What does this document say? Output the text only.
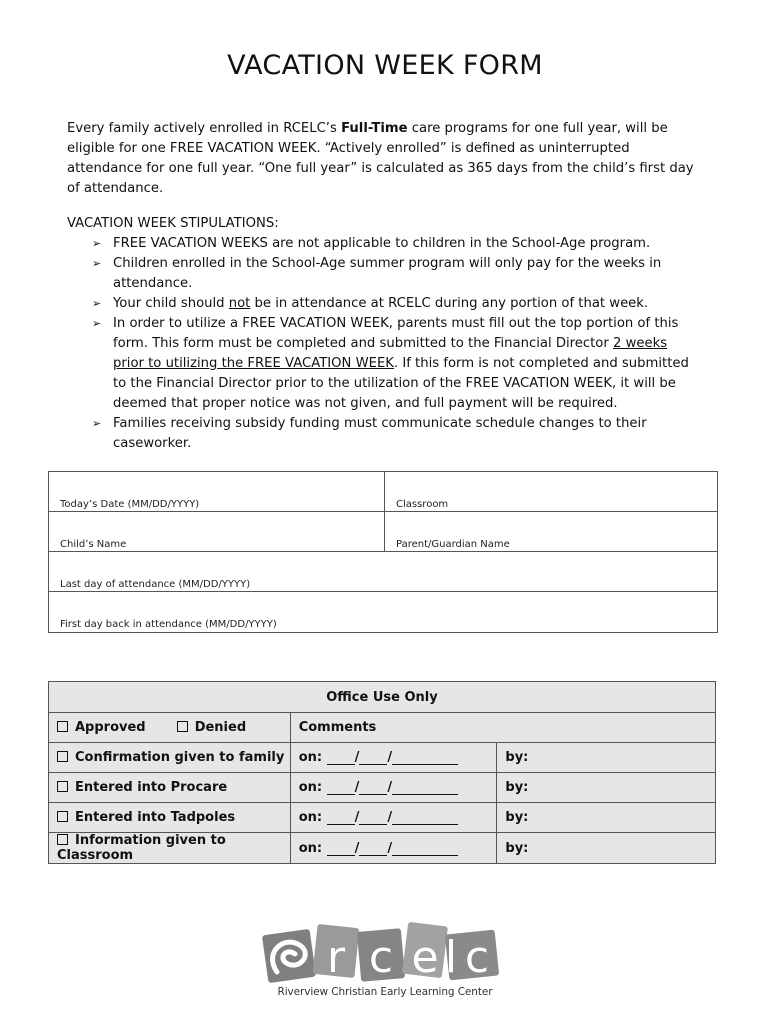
VACATION WEEK FORM

Every family actively enrolled in RCELC’s Full-Time care programs for one full year, will be eligible for one FREE VACATION WEEK. “Actively enrolled” is defined as uninterrupted attendance for one full year. “One full year” is calculated as 365 days from the child’s first day of attendance.

VACATION WEEK STIPULATIONS:

➢ FREE VACATION WEEKS are not applicable to children in the School-Age program.
➢ Children enrolled in the School-Age summer program will only pay for the weeks in attendance.
➢ Your child should not be in attendance at RCELC during any portion of that week.
➢ In order to utilize a FREE VACATION WEEK, parents must fill out the top portion of this form. This form must be completed and submitted to the Financial Director 2 weeks prior to utilizing the FREE VACATION WEEK. If this form is not completed and submitted to the Financial Director prior to the utilization of the FREE VACATION WEEK, it will be deemed that proper notice was not given, and full payment will be required.
➢ Families receiving subsidy funding must communicate schedule changes to their caseworker.
Today’s Date (MM/DD/YYYY)	Classroom
Child’s Name	Parent/Guardian Name
Last day of attendance (MM/DD/YYYY)
First day back in attendance (MM/DD/YYYY)
Office Use Only		
Approved Denied	Comments	
Confirmation given to family	on: / /	by:
Entered into Procare	on: / /	by:
Entered into Tadpoles	on: / /	by:
Information given to Classroom	on: / /	by:
r c e l c
Riverview Christian Early Learning Center
